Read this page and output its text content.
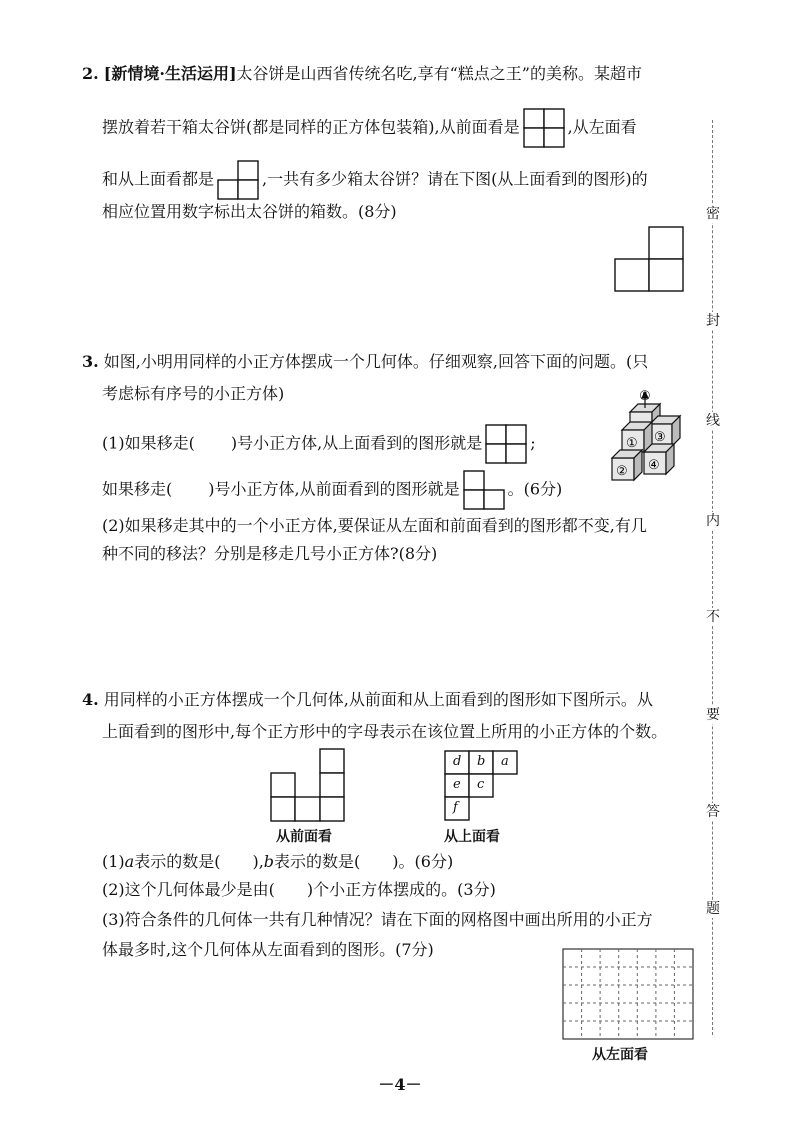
密
封
线
内
不
要
答
题
2. [新情境·生活运用]太谷饼是山西省传统名吃,享有“糕点之王”的美称。某超市
摆放着若干箱太谷饼(都是同样的正方体包装箱),从前面看是	,从左面看
和从上面看都是	,一共有多少箱太谷饼？请在下图(从上面看到的图形)的
相应位置用数字标出太谷饼的箱数。(8分)
3. 如图,小明用同样的小正方体摆成一个几何体。仔细观察,回答下面的问题。(只
考虑标有序号的小正方体)
(1)如果移走( )号小正方体,从上面看到的图形就是	;
如果移走( )号小正方体,从前面看到的图形就是	。(6分)
(2)如果移走其中的一个小正方体,要保证从左面和前面看到的图形都不变,有几
种不同的移法？分别是移走几号小正方体?(8分)
⑤
① ③
② ④
4. 用同样的小正方体摆成一个几何体,从前面和从上面看到的图形如下图所示。从
上面看到的图形中,每个正方形中的字母表示在该位置上所用的小正方体的个数。
从前面看
d b a
e c
f
从上面看
(1)a表示的数是( ),b表示的数是( )。(6分)
(2)这个几何体最少是由(　　)个小正方体摆成的。(3分)
(3)符合条件的几何体一共有几种情况？请在下面的网格图中画出所用的小正方
体最多时,这个几何体从左面看到的图形。(7分)
从左面看
－4－
